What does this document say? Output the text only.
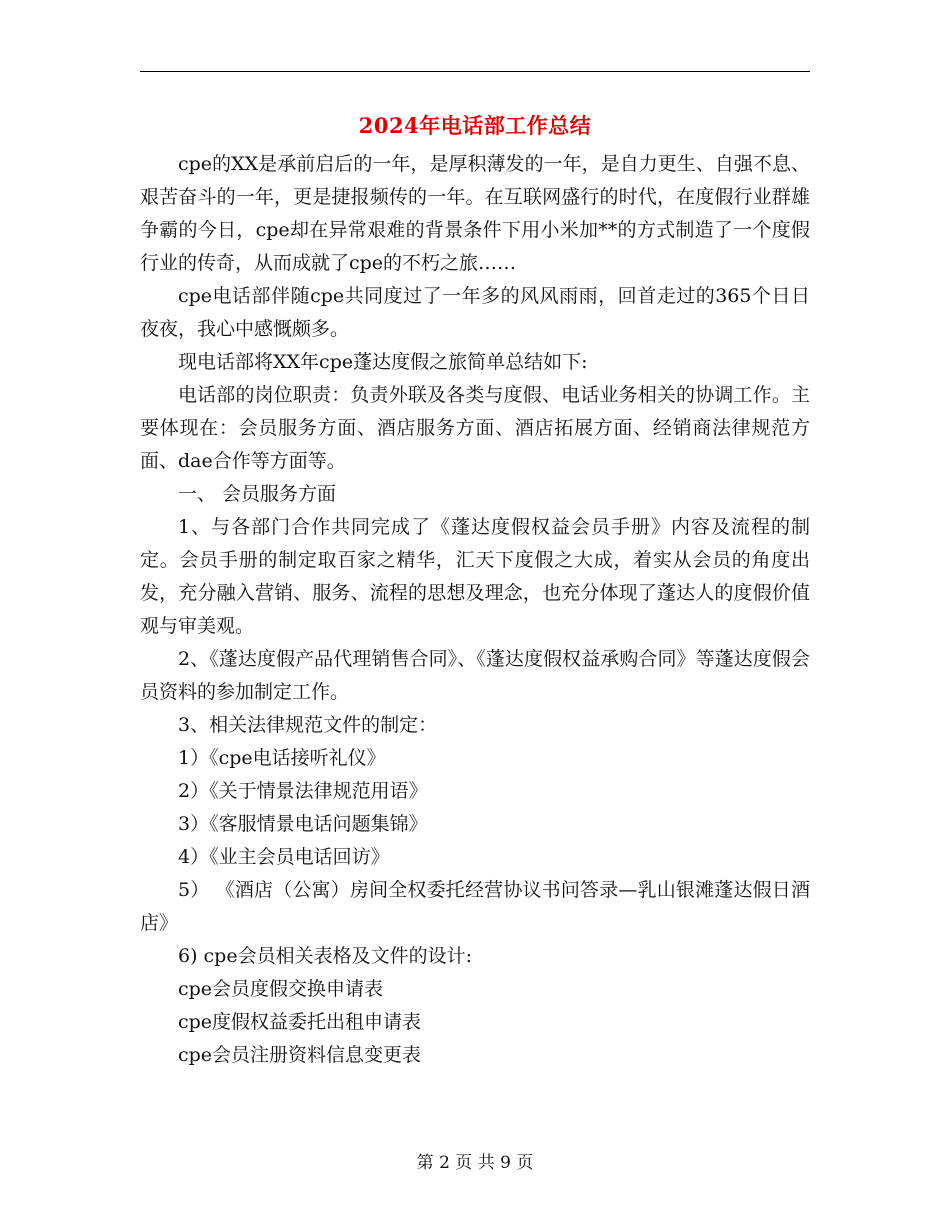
2024年电话部工作总结

cpe的XX是承前启后的一年，是厚积薄发的一年，是自力更生、自强不息、艰苦奋斗的一年，更是捷报频传的一年。在互联网盛行的时代，在度假行业群雄争霸的今日，cpe却在异常艰难的背景条件下用小米加**的方式制造了一个度假行业的传奇，从而成就了cpe的不朽之旅……

cpe电话部伴随cpe共同度过了一年多的风风雨雨，回首走过的365个日日夜夜，我心中感慨颇多。

现电话部将XX年cpe蓬达度假之旅简单总结如下:

电话部的岗位职责：负责外联及各类与度假、电话业务相关的协调工作。主要体现在：会员服务方面、酒店服务方面、酒店拓展方面、经销商法律规范方面、dae合作等方面等。

一、 会员服务方面

1、与各部门合作共同完成了《蓬达度假权益会员手册》内容及流程的制定。会员手册的制定取百家之精华，汇天下度假之大成，着实从会员的角度出发，充分融入营销、服务、流程的思想及理念，也充分体现了蓬达人的度假价值观与审美观。

2、《蓬达度假产品代理销售合同》、《蓬达度假权益承购合同》等蓬达度假会员资料的参加制定工作。

3、相关法律规范文件的制定：

1）《cpe电话接听礼仪》

2）《关于情景法律规范用语》

3）《客服情景电话问题集锦》

4）《业主会员电话回访》

5） 《酒店（公寓）房间全权委托经营协议书问答录—乳山银滩蓬达假日酒店》

6) cpe会员相关表格及文件的设计:

cpe会员度假交换申请表

cpe度假权益委托出租申请表

cpe会员注册资料信息变更表

第 2 页 共 9 页
